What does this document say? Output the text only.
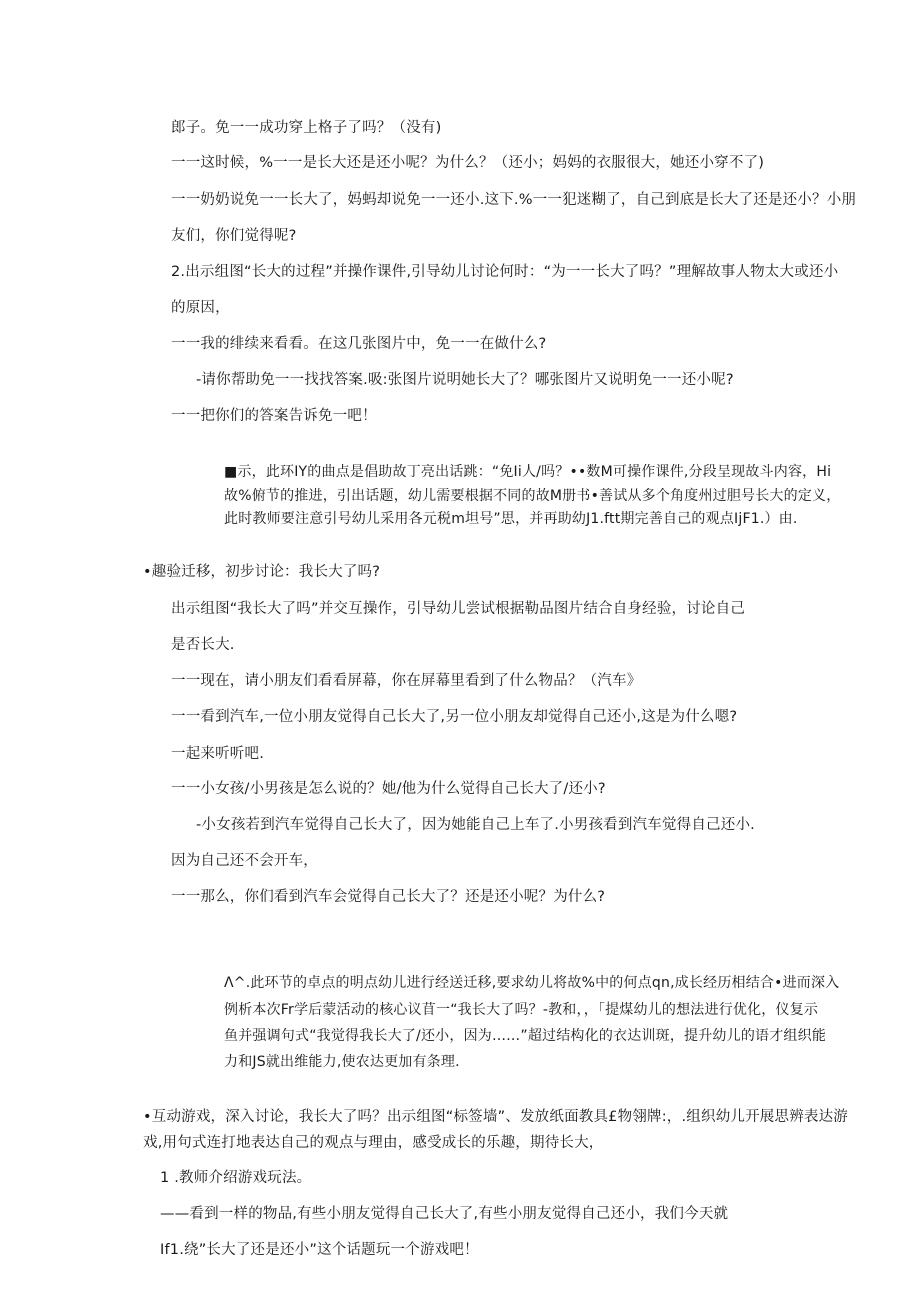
郎子。免一一成功穿上格子了吗？（没有)
一一这时候，%一一是长大还是还小呢？为什么？（还小；妈妈的衣服很大，她还小穿不了)
一一奶奶说免一一长大了，妈蚂却说免一一还小.这下.%一一犯迷糊了，自己到底是长大了还是还小？小朋
友们，你们觉得呢?
2.出示组图“长大的过程”并操作课件,引导幼儿讨论何时：“为一一长大了吗？”理解故事人物太大或还小
的原因，
一一我的绯续来看看。在这几张图片中，免一一在做什么?
-请你帮助免一一找找答案.吸:张图片说明她长大了？哪张图片又说明免一一还小呢?
一一把你们的答案告诉免一吧！
■示，此环IY的曲点是倡助故丁亮出话跳：“免Ii人/吗？••数M可操作课件,分段呈现故斗内容，Hi
故%俯节的推进，引出话题，幼儿需要根据不同的故M册书•善试从多个角度州过胆号长大的定义，
此时教师要注意引号幼儿采用各元税m坦号”思，并再助幼J1.ftt期完善自己的观点IjF1.）由.
•趣验迁移，初步讨论：我长大了吗?
出示组图“我长大了吗”并交互操作，引导幼儿尝试根据勒品图片结合自身经验，讨论自己
是否长大.
一一现在，请小朋友们看看屏幕，你在屏幕里看到了什么物品？（汽车》
一一看到汽车,一位小朋友觉得自己长大了,另一位小朋友却觉得自己还小,这是为什么嗯?
一起来听听吧.
一一小女孩/小男孩是怎么说的？她/他为什么觉得自己长大了/还小?
-小女孩若到汽车觉得自己长大了，因为她能自己上车了.小男孩看到汽车觉得自己还小.
因为自己还不会开车，
一一那么，你们看到汽车会觉得自己长大了？还是还小呢？为什么?
Λ^.此环节的卓点的明点幼儿进行经送迁移,要求幼儿将故%中的何点qn,成长经历相结合•进而深入
例析本次Fr学后蒙活动的核心议苜一“我长大了吗？-教和，，「提煤幼儿的想法进行优化，仪复示
鱼并强调句式“我觉得我长大了/还小，因为……”超过结构化的衣达训斑，提升幼儿的语才组织能
力和JS就出维能力,使农达更加有条理.
•互动游戏，深入讨论，我长大了吗？出示组图“标签墙”、发放纸面教具£物翎牌:，.组织幼儿开展思辨表达游
戏,用句式连打地表达自己的观点与理由，感受成长的乐趣，期待长大，
1 .教师介绍游戏玩法。
——看到一样的物品,有些小朋友觉得自己长大了,有些小朋友觉得自己还小，我们今天就
If1.绕”长大了还是还小”这个话题玩一个游戏吧！
